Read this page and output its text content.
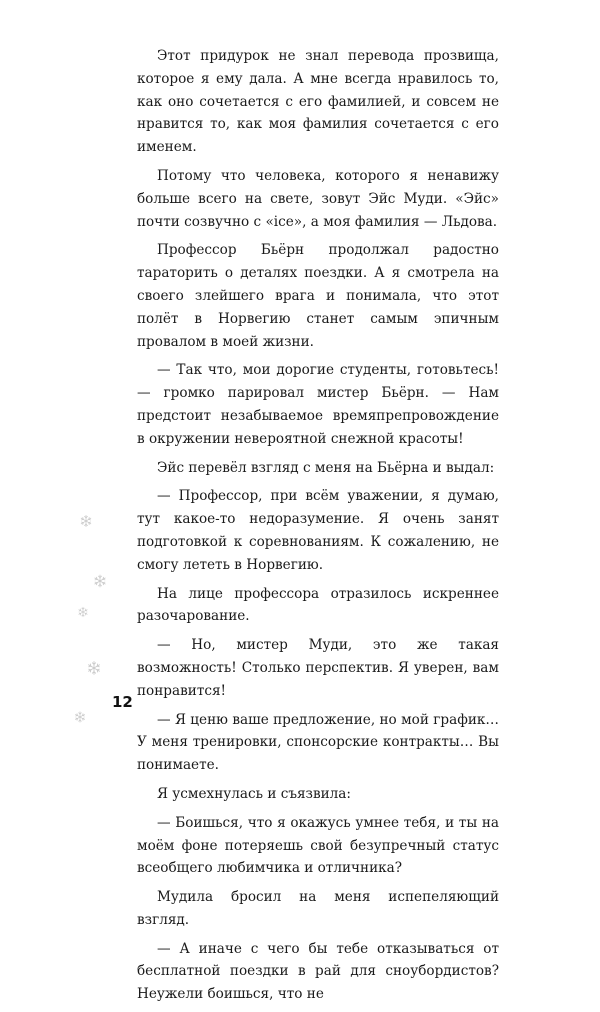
Этот придурок не знал перевода прозвища, которое я ему дала. А мне всегда нравилось то, как оно сочетается с его фамилией, и совсем не нравится то, как моя фамилия сочетается с его именем.

Потому что человека, которого я ненавижу больше всего на свете, зовут Эйс Муди. «Эйс» почти созвучно с «ice», а моя фамилия — Льдова.

Профессор Бьёрн продолжал радостно тараторить о деталях поездки. А я смотрела на своего злейшего врага и понимала, что этот полёт в Норвегию станет самым эпичным провалом в моей жизни.

— Так что, мои дорогие студенты, готовьтесь! — громко парировал мистер Бьёрн. — Нам предстоит незабываемое времяпрепровождение в окружении невероятной снежной красоты!

Эйс перевёл взгляд с меня на Бьёрна и выдал:

— Профессор, при всём уважении, я думаю, тут какое-то недоразумение. Я очень занят подготовкой к соревнованиям. К сожалению, не смогу лететь в Норвегию.

На лице профессора отразилось искреннее разочарование.

— Но, мистер Муди, это же такая возможность! Столько перспектив. Я уверен, вам понравится!

— Я ценю ваше предложение, но мой график… У меня тренировки, спонсорские контракты… Вы понимаете.

Я усмехнулась и съязвила:

— Боишься, что я окажусь умнее тебя, и ты на моём фоне потеряешь свой безупречный статус всеобщего любимчика и отличника?

Мудила бросил на меня испепеляющий взгляд.

— А иначе с чего бы тебе отказываться от бесплатной поездки в рай для сноубордистов? Неужели боишься, что не

12
